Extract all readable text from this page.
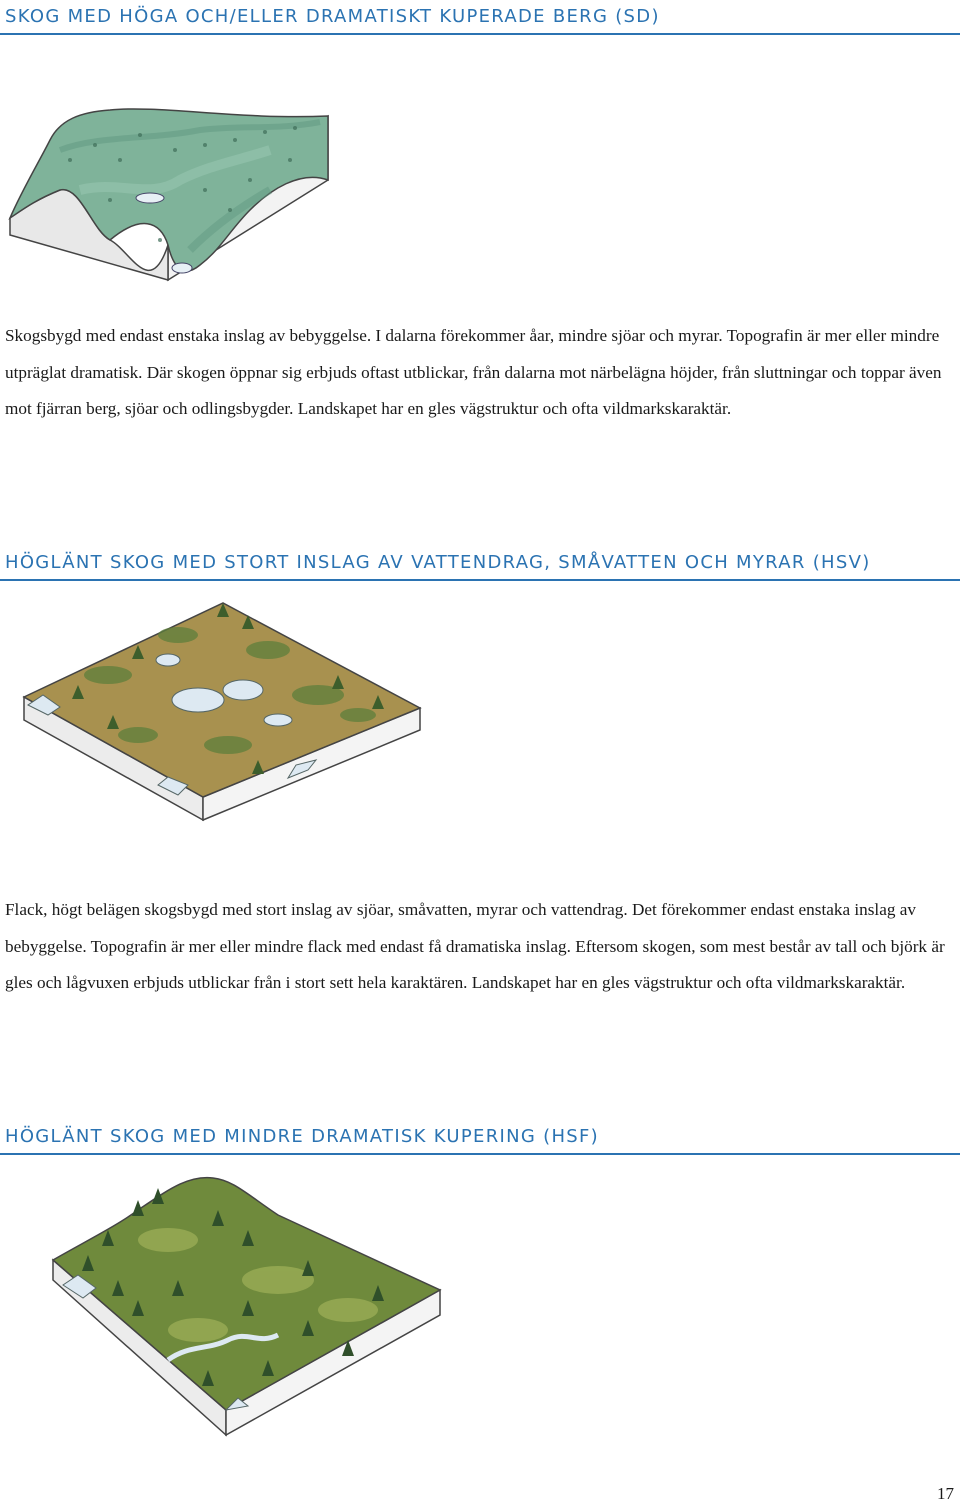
SKOG MED HÖGA OCH/ELLER DRAMATISKT KUPERADE BERG (SD)

Skogsbygd med endast enstaka inslag av bebyggelse. I dalarna förekommer åar, mindre sjöar och myrar. Topografin är mer eller mindre utpräglat dramatisk. Där skogen öppnar sig erbjuds oftast utblickar, från dalarna mot närbelägna höjder, från sluttningar och toppar även mot fjärran berg, sjöar och odlingsbygder. Landskapet har en gles vägstruktur och ofta vildmarkskaraktär.

HÖGLÄNT SKOG MED STORT INSLAG AV VATTENDRAG, SMÅVATTEN OCH MYRAR (HSV)

Flack, högt belägen skogsbygd med stort inslag av sjöar, småvatten, myrar och vattendrag. Det förekommer endast enstaka inslag av bebyggelse. Topografin är mer eller mindre flack med endast få dramatiska inslag. Eftersom skogen, som mest består av tall och björk är gles och lågvuxen erbjuds utblickar från i stort sett hela karaktären. Landskapet har en gles vägstruktur och ofta vildmarkskaraktär.

HÖGLÄNT SKOG MED MINDRE DRAMATISK KUPERING (HSF)
17
